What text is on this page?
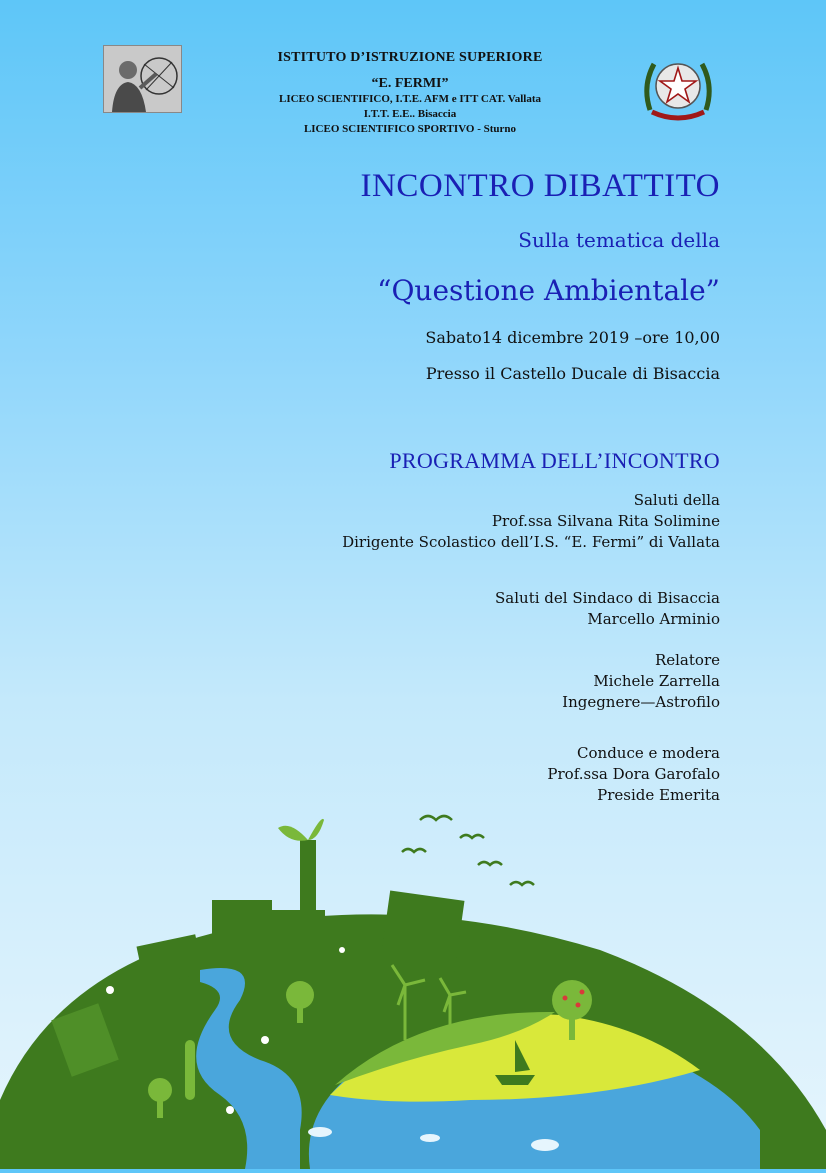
ISTITUTO D’ISTRUZIONE SUPERIORE
“E. FERMI”
LICEO SCIENTIFICO, I.T.E. AFM e ITT CAT. Vallata
I.T.T. E.E.. Bisaccia
LICEO SCIENTIFICO SPORTIVO - Sturno
INCONTRO DIBATTITO
Sulla tematica della
“Questione Ambientale”
Sabato14 dicembre 2019 –ore 10,00
Presso il Castello Ducale di Bisaccia
PROGRAMMA DELL’INCONTRO
Saluti della
Prof.ssa Silvana Rita Solimine
Dirigente Scolastico dell’I.S. “E. Fermi” di Vallata
Saluti del Sindaco di Bisaccia
Marcello Arminio
Relatore
Michele Zarrella
Ingegnere—Astrofilo
Conduce e modera
Prof.ssa Dora Garofalo
Preside Emerita
